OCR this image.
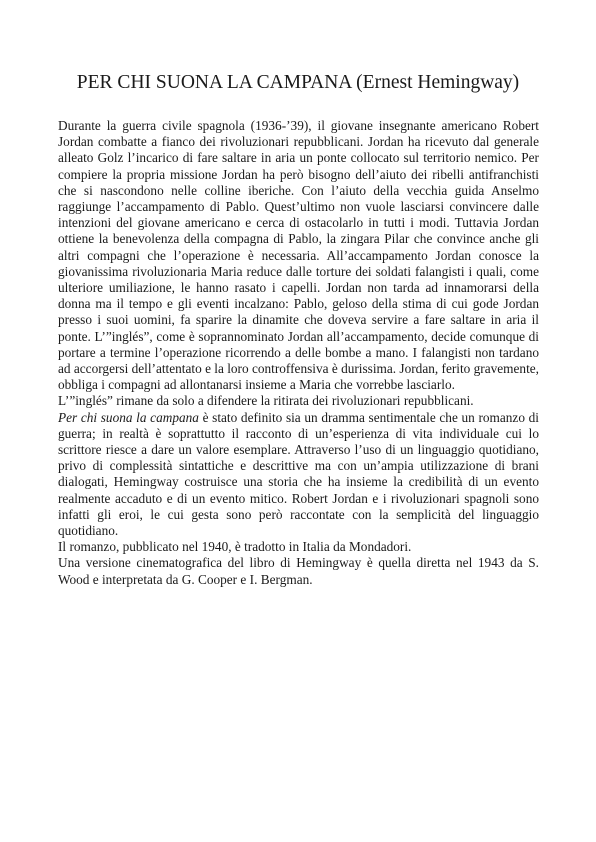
PER CHI SUONA LA CAMPANA (Ernest Hemingway)

Durante la guerra civile spagnola (1936-’39), il giovane insegnante americano Robert Jordan combatte a fianco dei rivoluzionari repubblicani. Jordan ha ricevuto dal generale alleato Golz l’incarico di fare saltare in aria un ponte collocato sul territorio nemico. Per compiere la propria missione Jordan ha però bisogno dell’aiuto dei ribelli antifranchisti che si nascondono nelle colline iberiche. Con l’aiuto della vecchia guida Anselmo raggiunge l’accampamento di Pablo. Quest’ultimo non vuole lasciarsi convincere dalle intenzioni del giovane americano e cerca di ostacolarlo in tutti i modi. Tuttavia Jordan ottiene la benevolenza della compagna di Pablo, la zingara Pilar che convince anche gli altri compagni che l’operazione è necessaria. All’accampamento Jordan conosce la giovanissima rivoluzionaria Maria reduce dalle torture dei soldati falangisti i quali, come ulteriore umiliazione, le hanno rasato i capelli. Jordan non tarda ad innamorarsi della donna ma il tempo e gli eventi incalzano: Pablo, geloso della stima di cui gode Jordan presso i suoi uomini, fa sparire la dinamite che doveva servire a fare saltare in aria il ponte. L’”inglés”, come è soprannominato Jordan all’accampamento, decide comunque di portare a termine l’operazione ricorrendo a delle bombe a mano. I falangisti non tardano ad accorgersi dell’attentato e la loro controffensiva è durissima. Jordan, ferito gravemente, obbliga i compagni ad allontanarsi insieme a Maria che vorrebbe lasciarlo.

L’”inglés” rimane da solo a difendere la ritirata dei rivoluzionari repubblicani.

Per chi suona la campana è stato definito sia un dramma sentimentale che un romanzo di guerra; in realtà è soprattutto il racconto di un’esperienza di vita individuale cui lo scrittore riesce a dare un valore esemplare. Attraverso l’uso di un linguaggio quotidiano, privo di complessità sintattiche e descrittive ma con un’ampia utilizzazione di brani dialogati, Hemingway costruisce una storia che ha insieme la credibilità di un evento realmente accaduto e di un evento mitico. Robert Jordan e i rivoluzionari spagnoli sono infatti gli eroi, le cui gesta sono però raccontate con la semplicità del linguaggio quotidiano.

Il romanzo, pubblicato nel 1940, è tradotto in Italia da Mondadori.

Una versione cinematografica del libro di Hemingway è quella diretta nel 1943 da S. Wood e interpretata da G. Cooper e I. Bergman.
